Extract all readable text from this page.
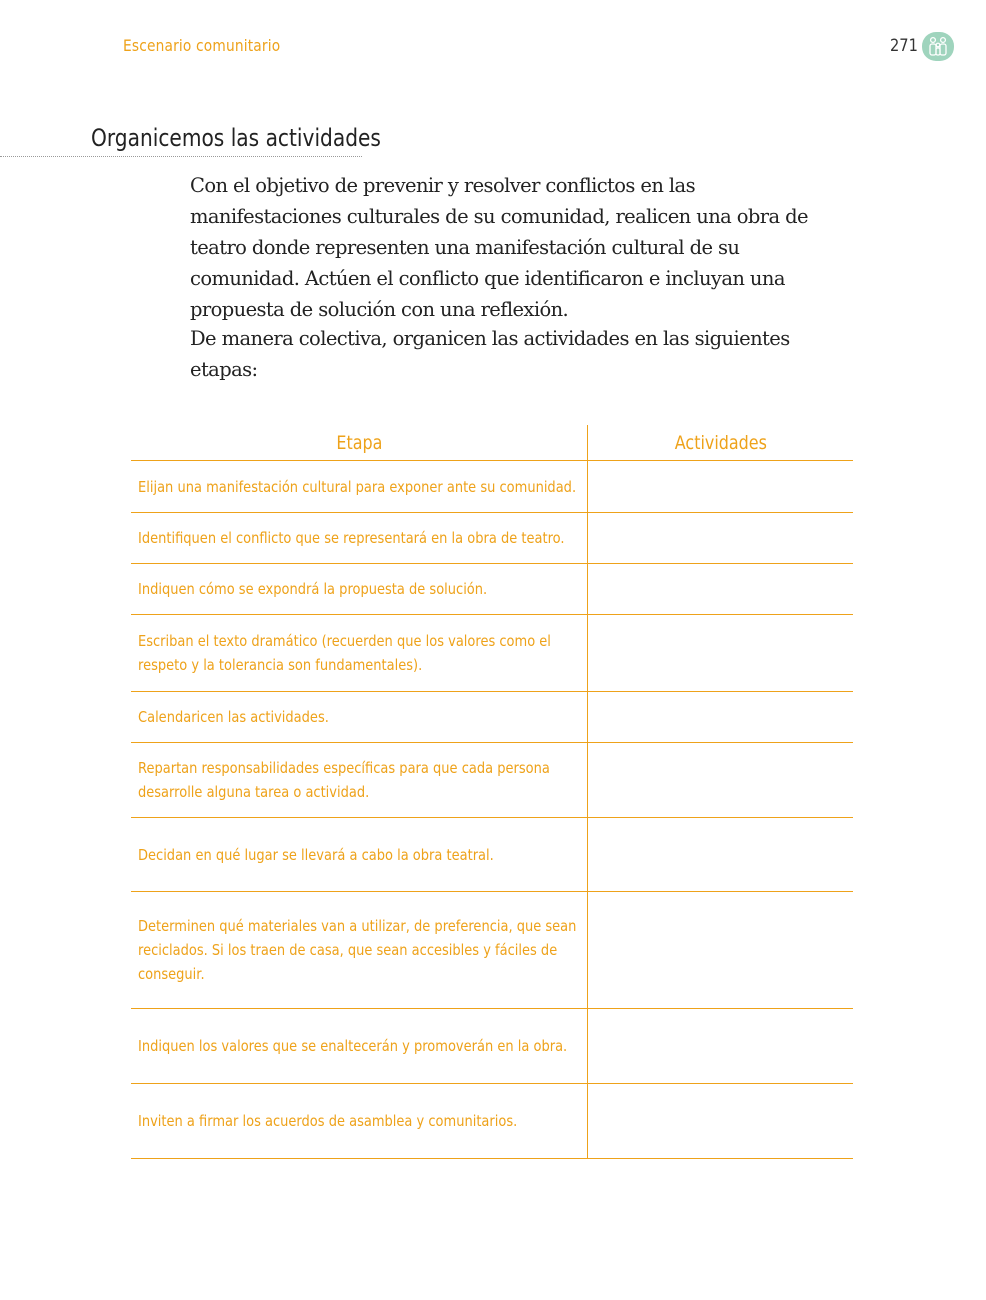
Escenario comunitario	271
Organicemos las actividades

Con el objetivo de prevenir y resolver conflictos en las manifestaciones culturales de su comunidad, realicen una obra de teatro donde representen una manifestación cultural de su comunidad. Actúen el conflicto que identificaron e incluyan una propuesta de solución con una reflexión.

De manera colectiva, organicen las actividades en las siguientes etapas:

Etapa	Actividades
Elijan una manifestación cultural para exponer ante su comunidad.
Identifiquen el conflicto que se representará en la obra de teatro.
Indiquen cómo se expondrá la propuesta de solución.
Escriban el texto dramático (recuerden que los valores como el respeto y la tolerancia son fundamentales).
Calendaricen las actividades.
Repartan responsabilidades específicas para que cada persona desarrolle alguna tarea o actividad.
Decidan en qué lugar se llevará a cabo la obra teatral.
Determinen qué materiales van a utilizar, de preferencia, que sean reciclados. Si los traen de casa, que sean accesibles y fáciles de conseguir.
Indiquen los valores que se enaltecerán y promoverán en la obra.
Inviten a firmar los acuerdos de asamblea y comunitarios.
